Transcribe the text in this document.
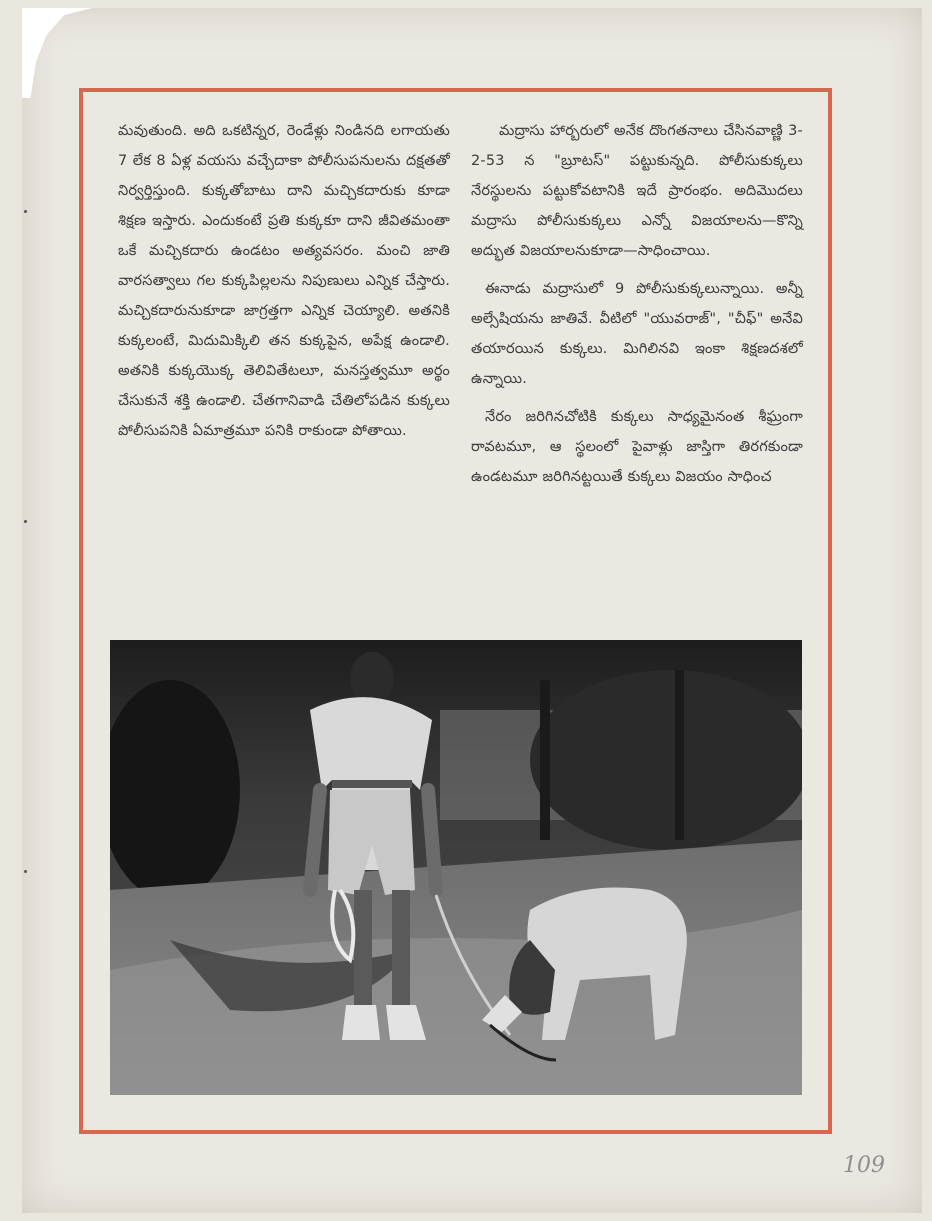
మవుతుంది. అది ఒకటిన్నర, రెండేళ్లు నిండినది లగాయతు 7 లేక 8 ఏళ్ల వయసు వచ్చేదాకా పోలీసుపనులను దక్షతతో నిర్వర్తిస్తుంది. కుక్కతోబాటు దాని మచ్చికదారుకు కూడా శిక్షణ ఇస్తారు. ఎందుకంటే ప్రతి కుక్కకూ దాని జీవితమంతా ఒకే మచ్చికదారు ఉండటం అత్యవసరం. మంచి జాతి వారసత్వాలు గల కుక్కపిల్లలను నిపుణులు ఎన్నిక చేస్తారు. మచ్చికదారునుకూడా జాగ్రత్తగా ఎన్నిక చెయ్యాలి. అతనికి కుక్కలంటే, మిదుమిక్కిలి తన కుక్కపైన, అపేక్ష ఉండాలి. అతనికి కుక్కయొక్క తెలివితేటలూ, మనస్తత్వమూ అర్థం చేసుకునే శక్తి ఉండాలి. చేతగానివాడి చేతిలోపడిన కుక్కలు పోలీసుపనికి ఏమాత్రమూ పనికి రాకుండా పోతాయి.

మద్రాసు హార్బరులో అనేక దొంగతనాలు చేసినవాణ్ణి 3-2-53 న "బ్రూటస్" పట్టుకున్నది. పోలీసుకుక్కలు నేరస్థులను పట్టుకోవటానికి ఇదే ప్రారంభం. అదిమొదలు మద్రాసు పోలీసుకుక్కలు ఎన్నో విజయాలను—కొన్ని అద్భుత విజయాలనుకూడా—సాధించాయి.

ఈనాడు మద్రాసులో 9 పోలీసుకుక్కలున్నాయి. అన్నీ అల్సేషియను జాతివే. వీటిలో "యువరాజ్", "చీఫ్" అనేవి తయారయిన కుక్కలు. మిగిలినవి ఇంకా శిక్షణదశలో ఉన్నాయి.

నేరం జరిగినచోటికి కుక్కలు సాధ్యమైనంత శీఘ్రంగా రావటమూ, ఆ స్థలంలో పైవాళ్లు జాస్తిగా తిరగకుండా ఉండటమూ జరిగినట్టయితే కుక్కలు విజయం సాధించ

109
